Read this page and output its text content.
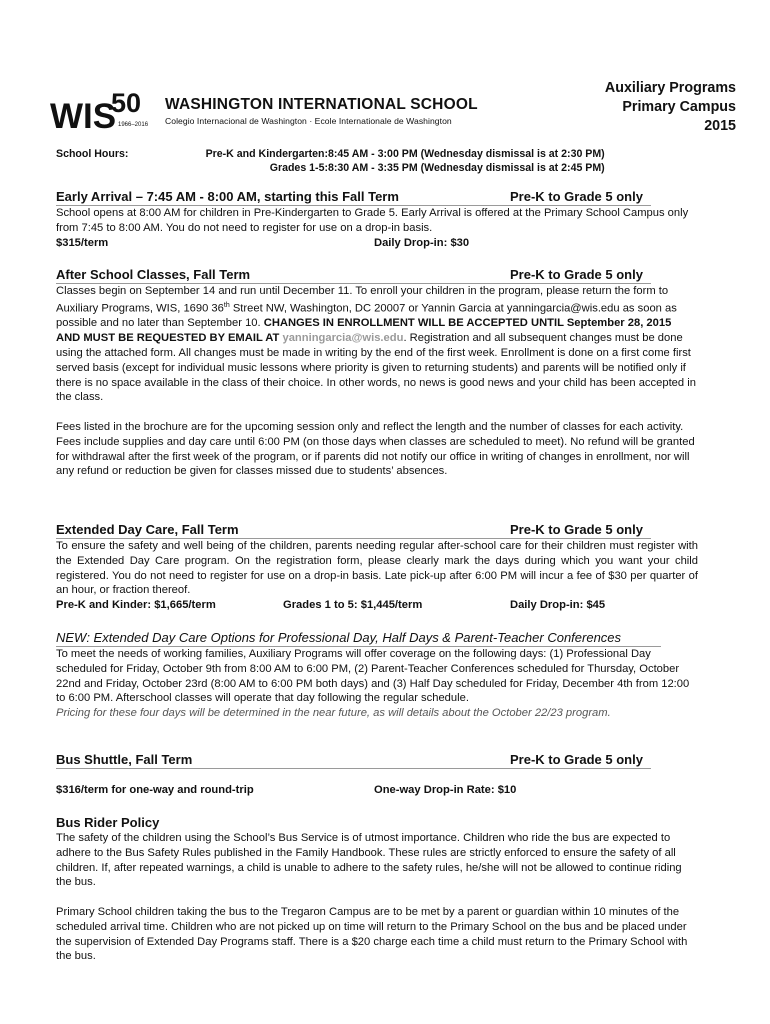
WIS
50
1966–2016
WASHINGTON INTERNATIONAL SCHOOL
Colegio Internacional de Washington · Ecole Internationale de Washington
Auxiliary Programs
Primary Campus
2015
School Hours:	Pre-K and Kindergarten: 8:45 AM - 3:00 PM (Wednesday dismissal is at 2:30 PM)
Grades 1-5: 8:30 AM - 3:35 PM (Wednesday dismissal is at 2:45 PM)
Early Arrival – 7:45 AM - 8:00 AM, starting this Fall Term	Pre-K to Grade 5 only

School opens at 8:00 AM for children in Pre-Kindergarten to Grade 5. Early Arrival is offered at the Primary School Campus only from 7:45 to 8:00 AM. You do not need to register for use on a drop-in basis.

$315/term	Daily Drop-in: $30
After School Classes, Fall Term	Pre-K to Grade 5 only

Classes begin on September 14 and run until December 11. To enroll your children in the program, please return the form to Auxiliary Programs, WIS, 1690 36th Street NW, Washington, DC 20007 or Yannin Garcia at yanningarcia@wis.edu as soon as possible and no later than September 10. CHANGES IN ENROLLMENT WILL BE ACCEPTED UNTIL September 28, 2015 AND MUST BE REQUESTED BY EMAIL AT yanningarcia@wis.edu. Registration and all subsequent changes must be done using the attached form. All changes must be made in writing by the end of the first week. Enrollment is done on a first come first served basis (except for individual music lessons where priority is given to returning students) and parents will be notified only if there is no space available in the class of their choice. In other words, no news is good news and your child has been accepted in the class.

Fees listed in the brochure are for the upcoming session only and reflect the length and the number of classes for each activity. Fees include supplies and day care until 6:00 PM (on those days when classes are scheduled to meet). No refund will be granted for withdrawal after the first week of the program, or if parents did not notify our office in writing of changes in enrollment, nor will any refund or reduction be given for classes missed due to students’ absences.

Extended Day Care, Fall Term	Pre-K to Grade 5 only

To ensure the safety and well being of the children, parents needing regular after-school care for their children must register with the Extended Day Care program. On the registration form, please clearly mark the days during which you want your child registered. You do not need to register for use on a drop-in basis. Late pick-up after 6:00 PM will incur a fee of $30 per quarter of an hour, or fraction thereof.

Pre-K and Kinder: $1,665/term	Grades 1 to 5: $1,445/term	Daily Drop-in: $45
NEW: Extended Day Care Options for Professional Day, Half Days & Parent-Teacher Conferences

To meet the needs of working families, Auxiliary Programs will offer coverage on the following days: (1) Professional Day scheduled for Friday, October 9th from 8:00 AM to 6:00 PM, (2) Parent-Teacher Conferences scheduled for Thursday, October 22nd and Friday, October 23rd (8:00 AM to 6:00 PM both days) and (3) Half Day scheduled for Friday, December 4th from 12:00 to 6:00 PM. Afterschool classes will operate that day following the regular schedule.

Pricing for these four days will be determined in the near future, as will details about the October 22/23 program.

Bus Shuttle, Fall Term	Pre-K to Grade 5 only
$316/term for one-way and round-trip	One-way Drop-in Rate: $10
Bus Rider Policy

The safety of the children using the School’s Bus Service is of utmost importance. Children who ride the bus are expected to adhere to the Bus Safety Rules published in the Family Handbook. These rules are strictly enforced to ensure the safety of all children. If, after repeated warnings, a child is unable to adhere to the safety rules, he/she will not be allowed to continue riding the bus.

Primary School children taking the bus to the Tregaron Campus are to be met by a parent or guardian within 10 minutes of the scheduled arrival time. Children who are not picked up on time will return to the Primary School on the bus and be placed under the supervision of Extended Day Programs staff. There is a $20 charge each time a child must return to the Primary School with the bus.
